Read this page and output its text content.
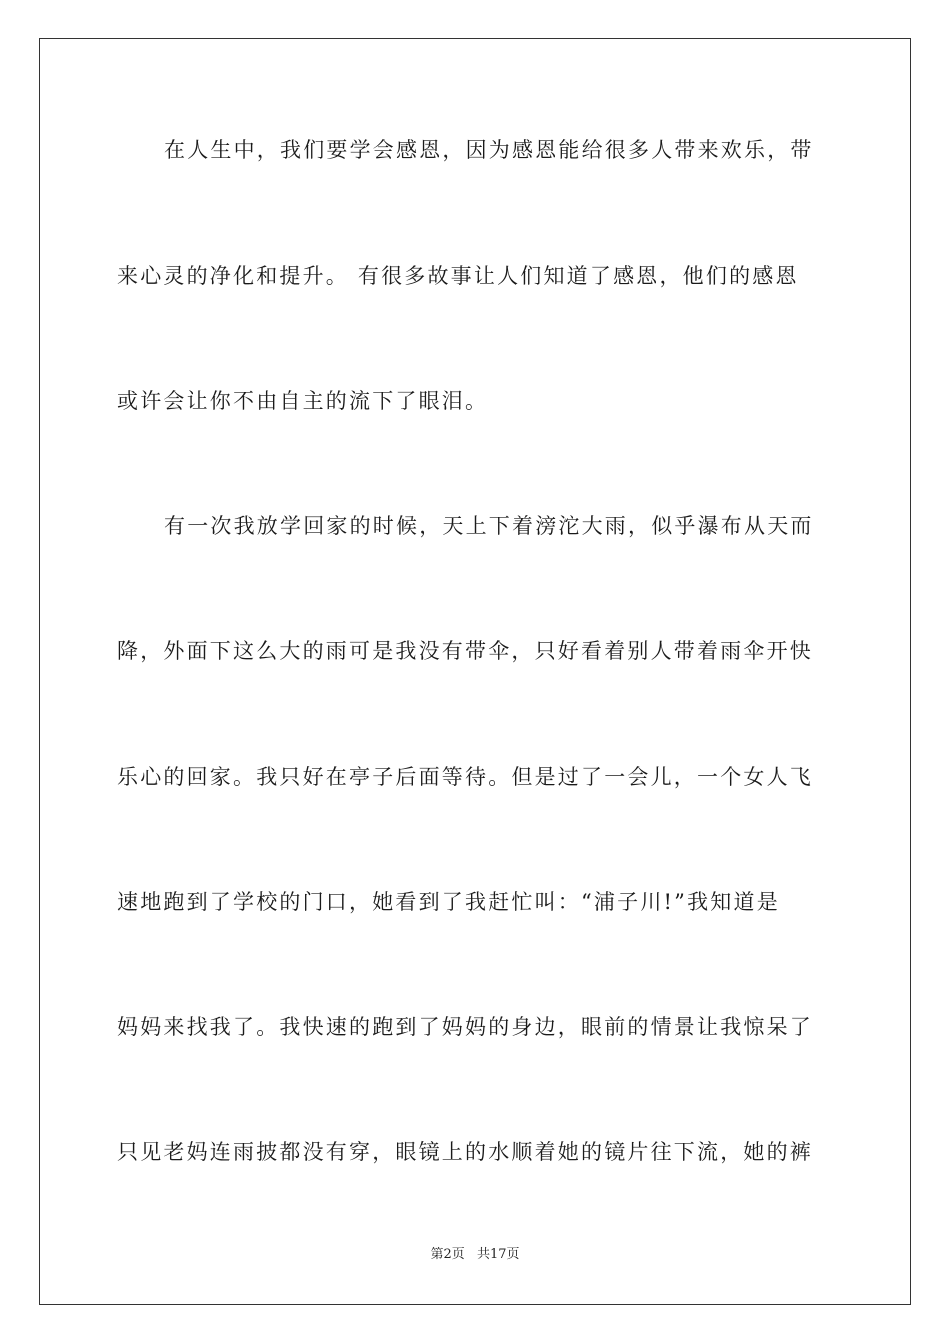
在人生中，我们要学会感恩，因为感恩能给很多人带来欢乐，带
来心灵的净化和提升。 有很多故事让人们知道了感恩，他们的感恩
或许会让你不由自主的流下了眼泪。
有一次我放学回家的时候，天上下着滂沱大雨，似乎瀑布从天而
降，外面下这么大的雨可是我没有带伞，只好看着别人带着雨伞开快
乐心的回家。我只好在亭子后面等待。但是过了一会儿，一个女人飞
速地跑到了学校的门口，她看到了我赶忙叫：“浦子川!”我知道是
妈妈来找我了。我快速的跑到了妈妈的身边，眼前的情景让我惊呆了
只见老妈连雨披都没有穿，眼镜上的水顺着她的镜片往下流，她的裤
第2页 共17页
